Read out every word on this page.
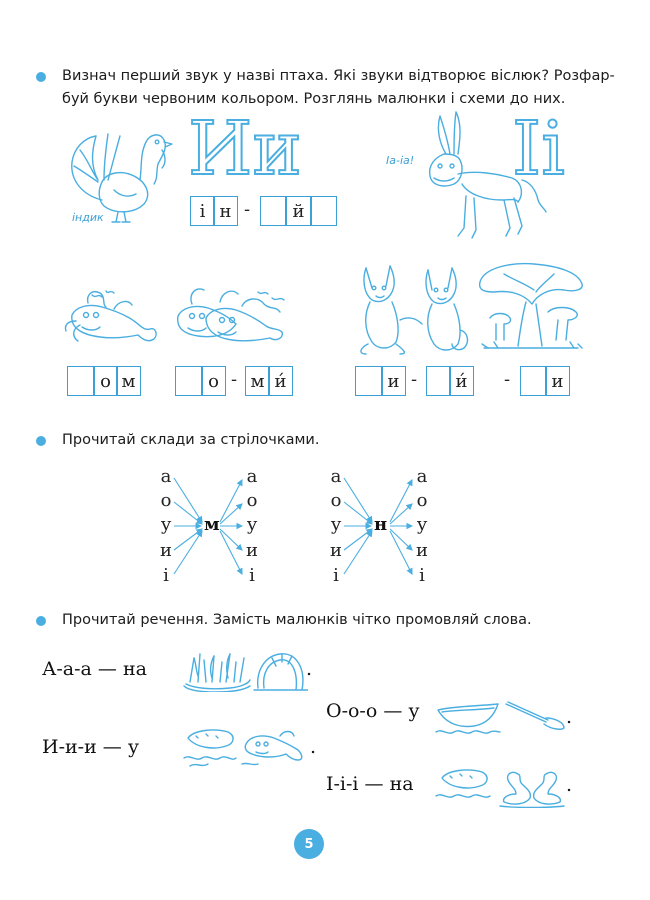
Визнач перший звук у назві птаха. Які звуки відтворює віслюк? Розфар-
буй букви червоним кольором. Розглянь малюнки і схеми до них.
індик
Ии
і н -	й
Іа-іа! Іі
о м	о - м и́	и -	и́	-	и
Прочитай склади за стрілочками.
а
о
у
и
і
м
а
о
у
и
і
а
о
у
и
і
н
а
о
у
и
і
Прочитай речення. Замість малюнків чітко промовляй слова.
А-а-а — на	.
О-о-о — у	.
И-и-и — у	.
І-і-і — на	.
5
